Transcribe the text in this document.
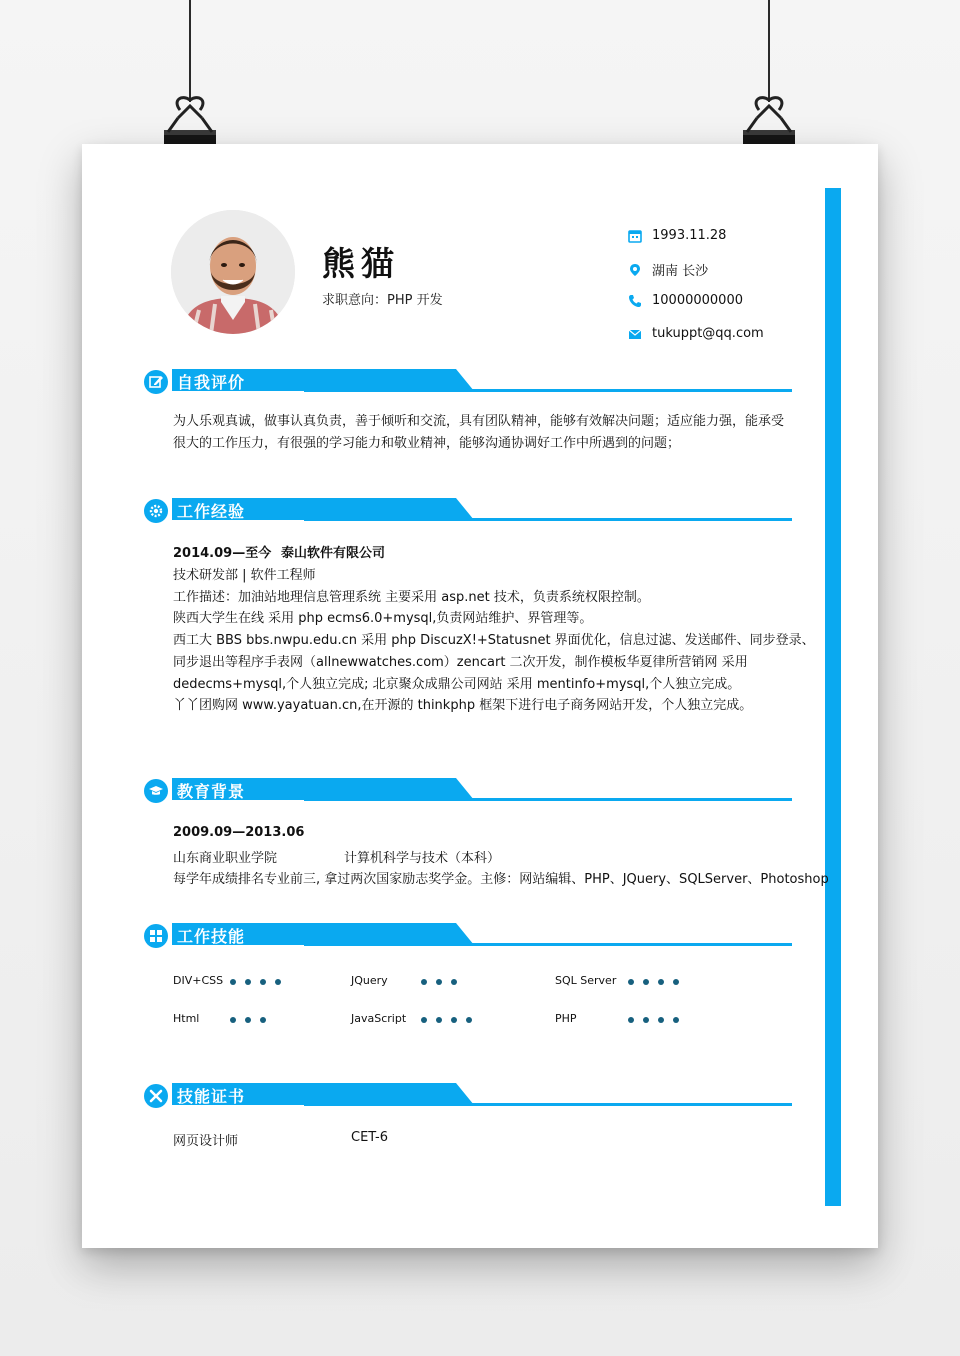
熊猫
求职意向：PHP 开发
1993.11.28
湖南 长沙
10000000000
tukuppt@qq.com
自我评价
为人乐观真诚，做事认真负责，善于倾听和交流，具有团队精神，能够有效解决问题；适应能力强，能承受很大的工作压力，有很强的学习能力和敬业精神，能够沟通协调好工作中所遇到的问题；
工作经验
2014.09—至今 泰山软件有限公司
技术研发部 | 软件工程师
工作描述：加油站地理信息管理系统 主要采用 asp.net 技术，负责系统权限控制。
陕西大学生在线 采用 php ecms6.0+mysql,负责网站维护、界管理等。
西工大 BBS bbs.nwpu.edu.cn 采用 php DiscuzX!+Statusnet 界面优化，信息过滤、发送邮件、同步登录、
同步退出等程序手表网（allnewwatches.com）zencart 二次开发，制作模板华夏律所营销网 采用
dedecms+mysql,个人独立完成; 北京聚众成鼎公司网站 采用 mentinfo+mysql,个人独立完成。
丫丫团购网 www.yayatuan.cn,在开源的 thinkphp 框架下进行电子商务网站开发，个人独立完成。
教育背景
2009.09—2013.06
山东商业职业学院	计算机科学与技术（本科）
每学年成绩排名专业前三, 拿过两次国家励志奖学金。主修：网站编辑、PHP、JQuery、SQLServer、Photoshop
工作技能
DIV+CSS	JQuery	SQL Server
Html	JavaScript	PHP
技能证书
网页设计师	CET-6
